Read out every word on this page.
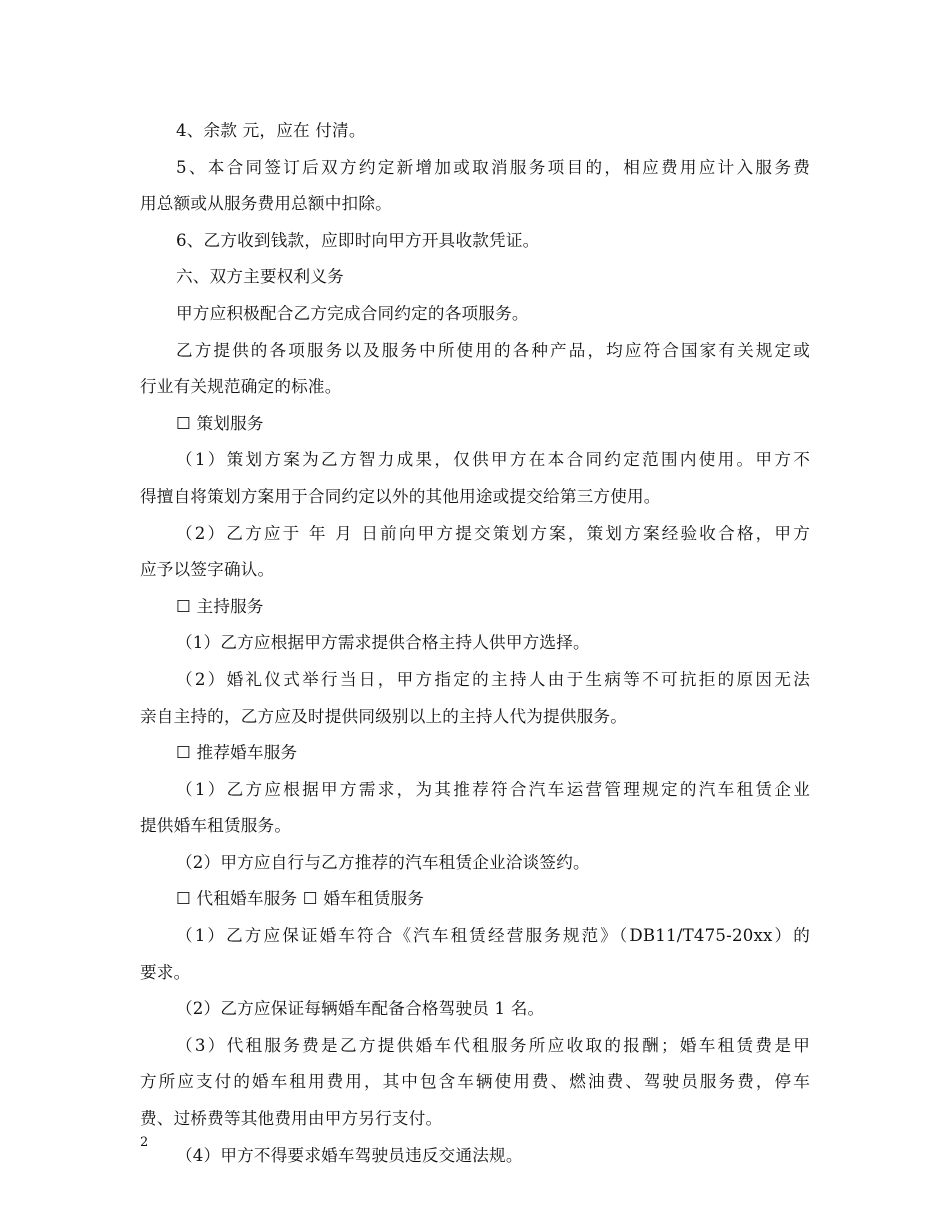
4、余款 元，应在 付清。
5、本合同签订后双方约定新增加或取消服务项目的，相应费用应计入服务费
用总额或从服务费用总额中扣除。
6、乙方收到钱款，应即时向甲方开具收款凭证。
六、双方主要权利义务
甲方应积极配合乙方完成合同约定的各项服务。
乙方提供的各项服务以及服务中所使用的各种产品，均应符合国家有关规定或
行业有关规范确定的标准。
☐ 策划服务
（1）策划方案为乙方智力成果，仅供甲方在本合同约定范围内使用。甲方不
得擅自将策划方案用于合同约定以外的其他用途或提交给第三方使用。
（2）乙方应于 年 月 日前向甲方提交策划方案，策划方案经验收合格，甲方
应予以签字确认。
☐ 主持服务
（1）乙方应根据甲方需求提供合格主持人供甲方选择。
（2）婚礼仪式举行当日，甲方指定的主持人由于生病等不可抗拒的原因无法
亲自主持的，乙方应及时提供同级别以上的主持人代为提供服务。
☐ 推荐婚车服务
（1）乙方应根据甲方需求，为其推荐符合汽车运营管理规定的汽车租赁企业
提供婚车租赁服务。
（2）甲方应自行与乙方推荐的汽车租赁企业洽谈签约。
☐ 代租婚车服务 ☐ 婚车租赁服务
（1）乙方应保证婚车符合《汽车租赁经营服务规范》（DB11/T475-20xx）的
要求。
（2）乙方应保证每辆婚车配备合格驾驶员 1 名。
（3）代租服务费是乙方提供婚车代租服务所应收取的报酬；婚车租赁费是甲
方所应支付的婚车租用费用，其中包含车辆使用费、燃油费、驾驶员服务费，停车
费、过桥费等其他费用由甲方另行支付。
（4）甲方不得要求婚车驾驶员违反交通法规。
2
